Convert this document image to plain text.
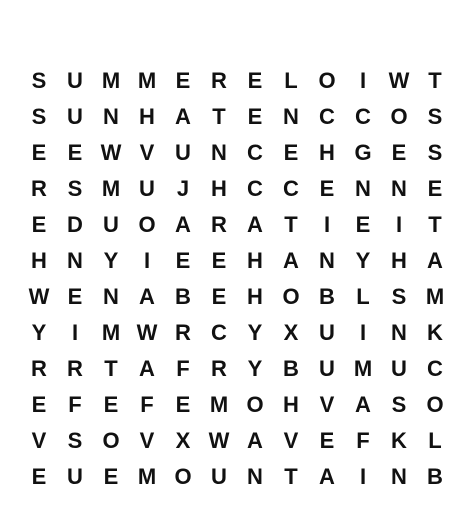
S U M M E R E L O	I	W T
S U N H A T E N C C O S
E E W V U N C E H G E S
R S M U J H C C E N N E
E D U O A R A T	I	E	I	T
H N Y	I	E E H A N Y H A
W E N A B E H O B L S M
Y	I	M W R C Y X U	I	N K
R R T A F R Y B U M U C
E F E F E M O H V A S O
V S O V X W A V E F K L
E U E M O U N T A	I	N B
